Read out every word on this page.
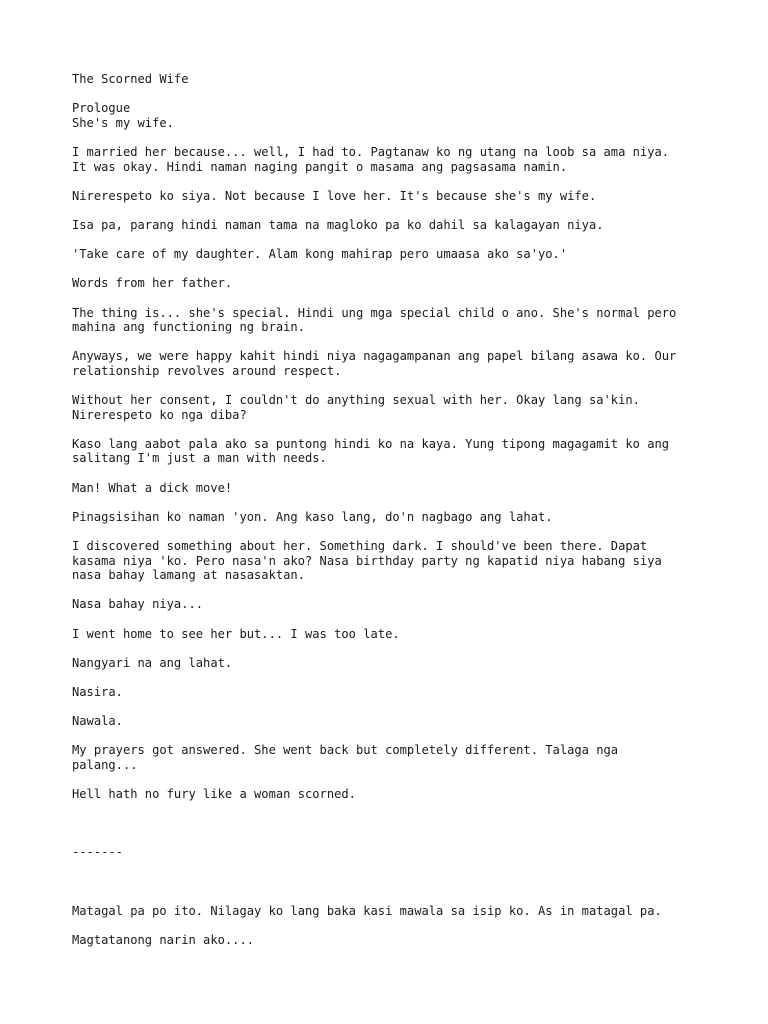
The Scorned Wife
Prologue
She's my wife.
I married her because... well, I had to. Pagtanaw ko ng utang na loob sa ama niya.
It was okay. Hindi naman naging pangit o masama ang pagsasama namin.
Nirerespeto ko siya. Not because I love her. It's because she's my wife.
Isa pa, parang hindi naman tama na magloko pa ko dahil sa kalagayan niya.
'Take care of my daughter. Alam kong mahirap pero umaasa ako sa'yo.'
Words from her father.
The thing is... she's special. Hindi ung mga special child o ano. She's normal pero
mahina ang functioning ng brain.
Anyways, we were happy kahit hindi niya nagagampanan ang papel bilang asawa ko. Our
relationship revolves around respect.
Without her consent, I couldn't do anything sexual with her. Okay lang sa'kin.
Nirerespeto ko nga diba?
Kaso lang aabot pala ako sa puntong hindi ko na kaya. Yung tipong magagamit ko ang
salitang I'm just a man with needs.
Man! What a dick move!
Pinagsisihan ko naman 'yon. Ang kaso lang, do'n nagbago ang lahat.
I discovered something about her. Something dark. I should've been there. Dapat
kasama niya 'ko. Pero nasa'n ako? Nasa birthday party ng kapatid niya habang siya
nasa bahay lamang at nasasaktan.
Nasa bahay niya...
I went home to see her but... I was too late.
Nangyari na ang lahat.
Nasira.
Nawala.
My prayers got answered. She went back but completely different. Talaga nga
palang...
Hell hath no fury like a woman scorned.
-------
Matagal pa po ito. Nilagay ko lang baka kasi mawala sa isip ko. As in matagal pa.
Magtatanong narin ako....
